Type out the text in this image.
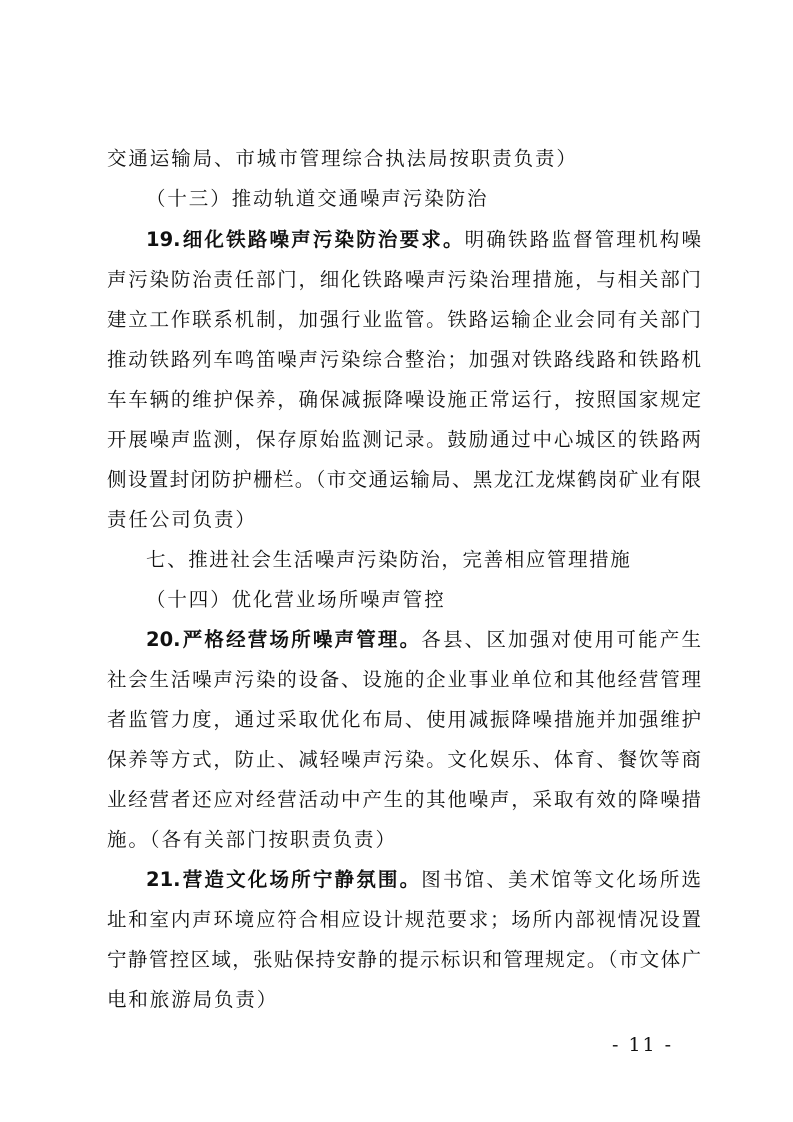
交通运输局、市城市管理综合执法局按职责负责）
（十三）推动轨道交通噪声污染防治
19.细化铁路噪声污染防治要求。明确铁路监督管理机构噪
声污染防治责任部门，细化铁路噪声污染治理措施，与相关部门
建立工作联系机制，加强行业监管。铁路运输企业会同有关部门
推动铁路列车鸣笛噪声污染综合整治；加强对铁路线路和铁路机
车车辆的维护保养，确保减振降噪设施正常运行，按照国家规定
开展噪声监测，保存原始监测记录。鼓励通过中心城区的铁路两
侧设置封闭防护栅栏。（市交通运输局、黑龙江龙煤鹤岗矿业有限
责任公司负责）
七、推进社会生活噪声污染防治，完善相应管理措施
（十四）优化营业场所噪声管控
20.严格经营场所噪声管理。各县、区加强对使用可能产生
社会生活噪声污染的设备、设施的企业事业单位和其他经营管理
者监管力度，通过采取优化布局、使用减振降噪措施并加强维护
保养等方式，防止、减轻噪声污染。文化娱乐、体育、餐饮等商
业经营者还应对经营活动中产生的其他噪声，采取有效的降噪措
施。（各有关部门按职责负责）
21.营造文化场所宁静氛围。图书馆、美术馆等文化场所选
址和室内声环境应符合相应设计规范要求；场所内部视情况设置
宁静管控区域，张贴保持安静的提示标识和管理规定。（市文体广
电和旅游局负责）
- 11 -
